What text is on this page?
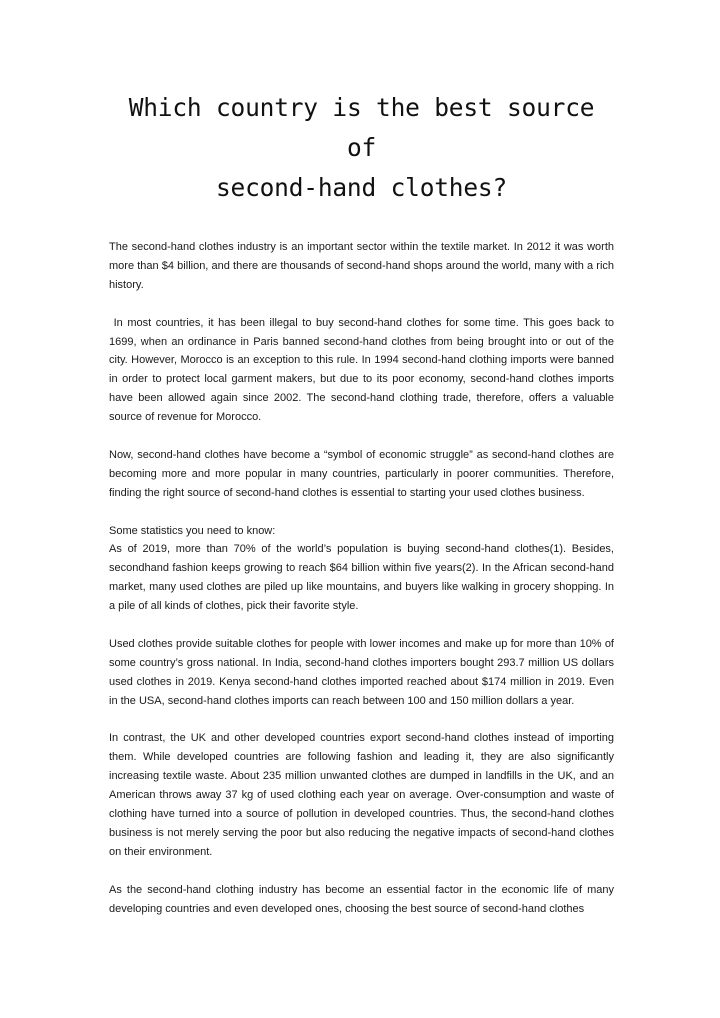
Which country is the best source of
second-hand clothes?

The second-hand clothes industry is an important sector within the textile market. In 2012 it was worth more than $4 billion, and there are thousands of second-hand shops around the world, many with a rich history.

In most countries, it has been illegal to buy second-hand clothes for some time. This goes back to 1699, when an ordinance in Paris banned second-hand clothes from being brought into or out of the city. However, Morocco is an exception to this rule. In 1994 second-hand clothing imports were banned in order to protect local garment makers, but due to its poor economy, second-hand clothes imports have been allowed again since 2002. The second-hand clothing trade, therefore, offers a valuable source of revenue for Morocco.

Now, second-hand clothes have become a “symbol of economic struggle” as second-hand clothes are becoming more and more popular in many countries, particularly in poorer communities. Therefore, finding the right source of second-hand clothes is essential to starting your used clothes business.

Some statistics you need to know:
As of 2019, more than 70% of the world’s population is buying second-hand clothes(1). Besides, secondhand fashion keeps growing to reach $64 billion within five years(2). In the African second-hand market, many used clothes are piled up like mountains, and buyers like walking in grocery shopping. In a pile of all kinds of clothes, pick their favorite style.

Used clothes provide suitable clothes for people with lower incomes and make up for more than 10% of some country’s gross national. In India, second-hand clothes importers bought 293.7 million US dollars used clothes in 2019. Kenya second-hand clothes imported reached about $174 million in 2019. Even in the USA, second-hand clothes imports can reach between 100 and 150 million dollars a year.

In contrast, the UK and other developed countries export second-hand clothes instead of importing them. While developed countries are following fashion and leading it, they are also significantly increasing textile waste. About 235 million unwanted clothes are dumped in landfills in the UK, and an American throws away 37 kg of used clothing each year on average. Over-consumption and waste of clothing have turned into a source of pollution in developed countries. Thus, the second-hand clothes business is not merely serving the poor but also reducing the negative impacts of second-hand clothes on their environment.

As the second-hand clothing industry has become an essential factor in the economic life of many developing countries and even developed ones, choosing the best source of second-hand clothes
